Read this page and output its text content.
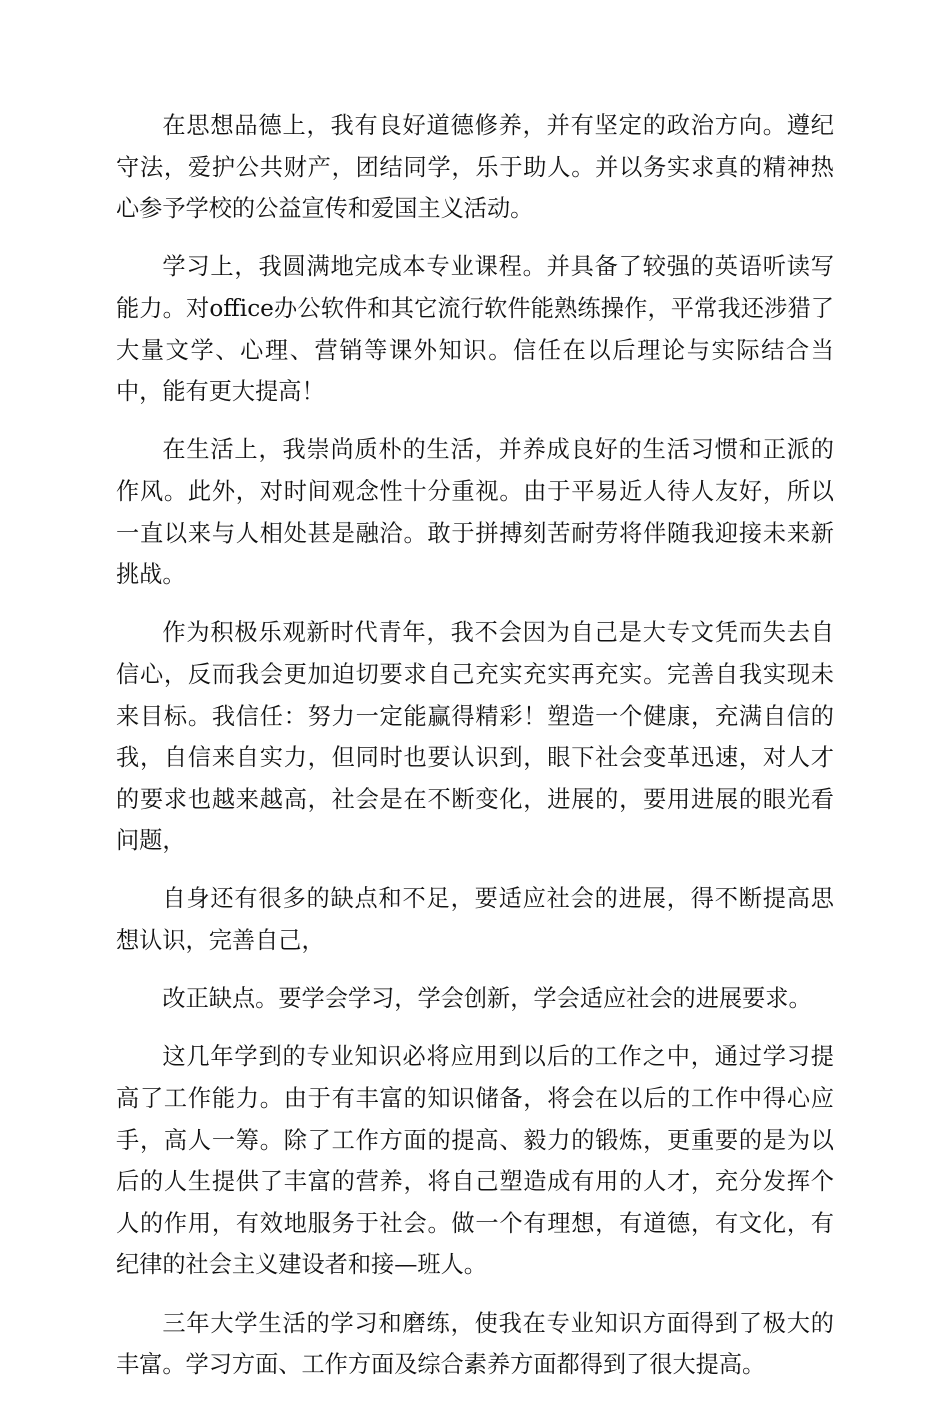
在思想品德上，我有良好道德修养，并有坚定的政治方向。遵纪守法，爱护公共财产，团结同学，乐于助人。并以务实求真的精神热心参予学校的公益宣传和爱国主义活动。

学习上，我圆满地完成本专业课程。并具备了较强的英语听读写能力。对office办公软件和其它流行软件能熟练操作，平常我还涉猎了大量文学、心理、营销等课外知识。信任在以后理论与实际结合当中，能有更大提高！

在生活上，我崇尚质朴的生活，并养成良好的生活习惯和正派的作风。此外，对时间观念性十分重视。由于平易近人待人友好，所以一直以来与人相处甚是融洽。敢于拼搏刻苦耐劳将伴随我迎接未来新挑战。

作为积极乐观新时代青年，我不会因为自己是大专文凭而失去自信心，反而我会更加迫切要求自己充实充实再充实。完善自我实现未来目标。我信任：努力一定能赢得精彩！塑造一个健康，充满自信的我，自信来自实力，但同时也要认识到，眼下社会变革迅速，对人才的要求也越来越高，社会是在不断变化，进展的，要用进展的眼光看问题，

自身还有很多的缺点和不足，要适应社会的进展，得不断提高思想认识，完善自己，

改正缺点。要学会学习，学会创新，学会适应社会的进展要求。

这几年学到的专业知识必将应用到以后的工作之中，通过学习提高了工作能力。由于有丰富的知识储备，将会在以后的工作中得心应手，高人一筹。除了工作方面的提高、毅力的锻炼，更重要的是为以后的人生提供了丰富的营养，将自己塑造成有用的人才，充分发挥个人的作用，有效地服务于社会。做一个有理想，有道德，有文化，有纪律的社会主义建设者和接—班人。

三年大学生活的学习和磨练，使我在专业知识方面得到了极大的丰富。学习方面、工作方面及综合素养方面都得到了很大提高。
